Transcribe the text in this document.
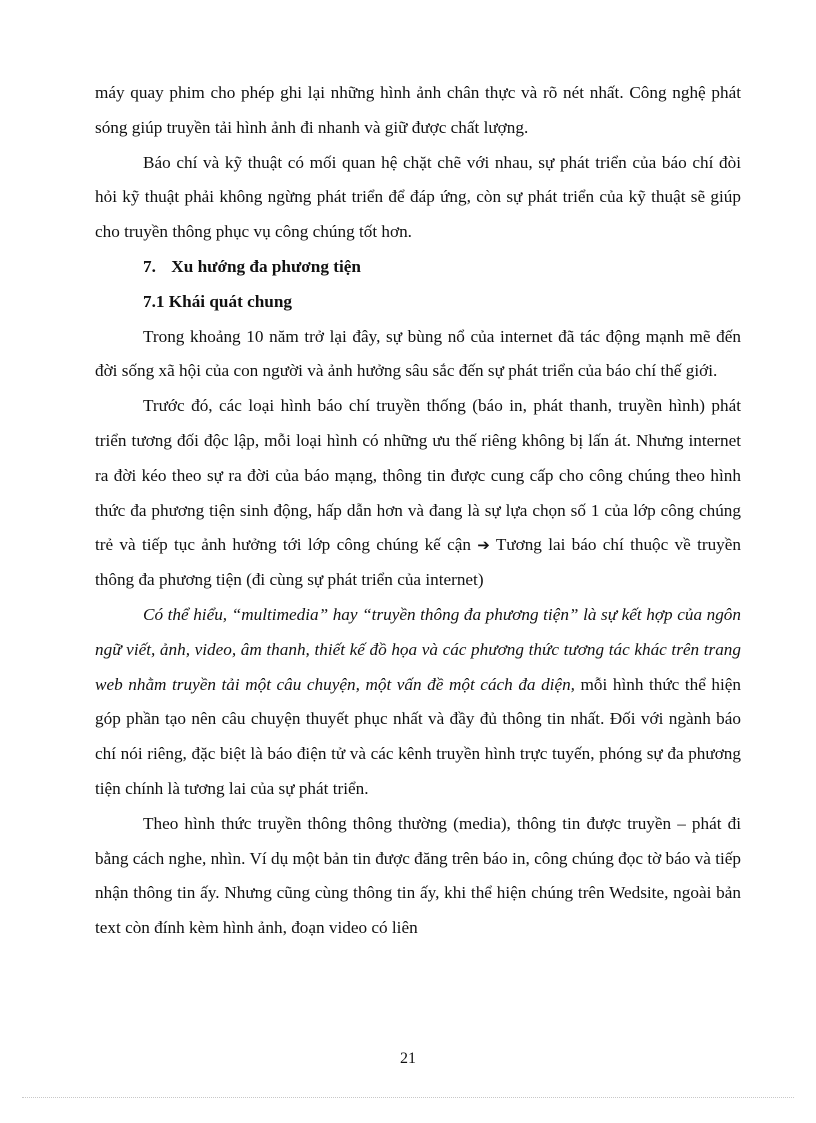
máy quay phim cho phép ghi lại những hình ảnh chân thực và rõ nét nhất. Công nghệ phát sóng giúp truyền tải hình ảnh đi nhanh và giữ được chất lượng.

Báo chí và kỹ thuật có mối quan hệ chặt chẽ với nhau, sự phát triển của báo chí đòi hỏi kỹ thuật phải không ngừng phát triển để đáp ứng, còn sự phát triển của kỹ thuật sẽ giúp cho truyền thông phục vụ công chúng tốt hơn.

7. Xu hướng đa phương tiện

7.1 Khái quát chung

Trong khoảng 10 năm trở lại đây, sự bùng nổ của internet đã tác động mạnh mẽ đến đời sống xã hội của con người và ảnh hưởng sâu sắc đến sự phát triển của báo chí thế giới.

Trước đó, các loại hình báo chí truyền thống (báo in, phát thanh, truyền hình) phát triển tương đối độc lập, mỗi loại hình có những ưu thế riêng không bị lấn át. Nhưng internet ra đời kéo theo sự ra đời của báo mạng, thông tin được cung cấp cho công chúng theo hình thức đa phương tiện sinh động, hấp dẫn hơn và đang là sự lựa chọn số 1 của lớp công chúng trẻ và tiếp tục ảnh hưởng tới lớp công chúng kế cận ➔ Tương lai báo chí thuộc về truyền thông đa phương tiện (đi cùng sự phát triển của internet)

Có thể hiểu, “multimedia” hay “truyền thông đa phương tiện” là sự kết hợp của ngôn ngữ viết, ảnh, video, âm thanh, thiết kế đồ họa và các phương thức tương tác khác trên trang web nhằm truyền tải một câu chuyện, một vấn đề một cách đa diện, mỗi hình thức thể hiện góp phần tạo nên câu chuyện thuyết phục nhất và đầy đủ thông tin nhất. Đối với ngành báo chí nói riêng, đặc biệt là báo điện tử và các kênh truyền hình trực tuyến, phóng sự đa phương tiện chính là tương lai của sự phát triển.

Theo hình thức truyền thông thông thường (media), thông tin được truyền – phát đi bằng cách nghe, nhìn. Ví dụ một bản tin được đăng trên báo in, công chúng đọc tờ báo và tiếp nhận thông tin ấy. Nhưng cũng cùng thông tin ấy, khi thể hiện chúng trên Wedsite, ngoài bản text còn đính kèm hình ảnh, đoạn video có liên

21
